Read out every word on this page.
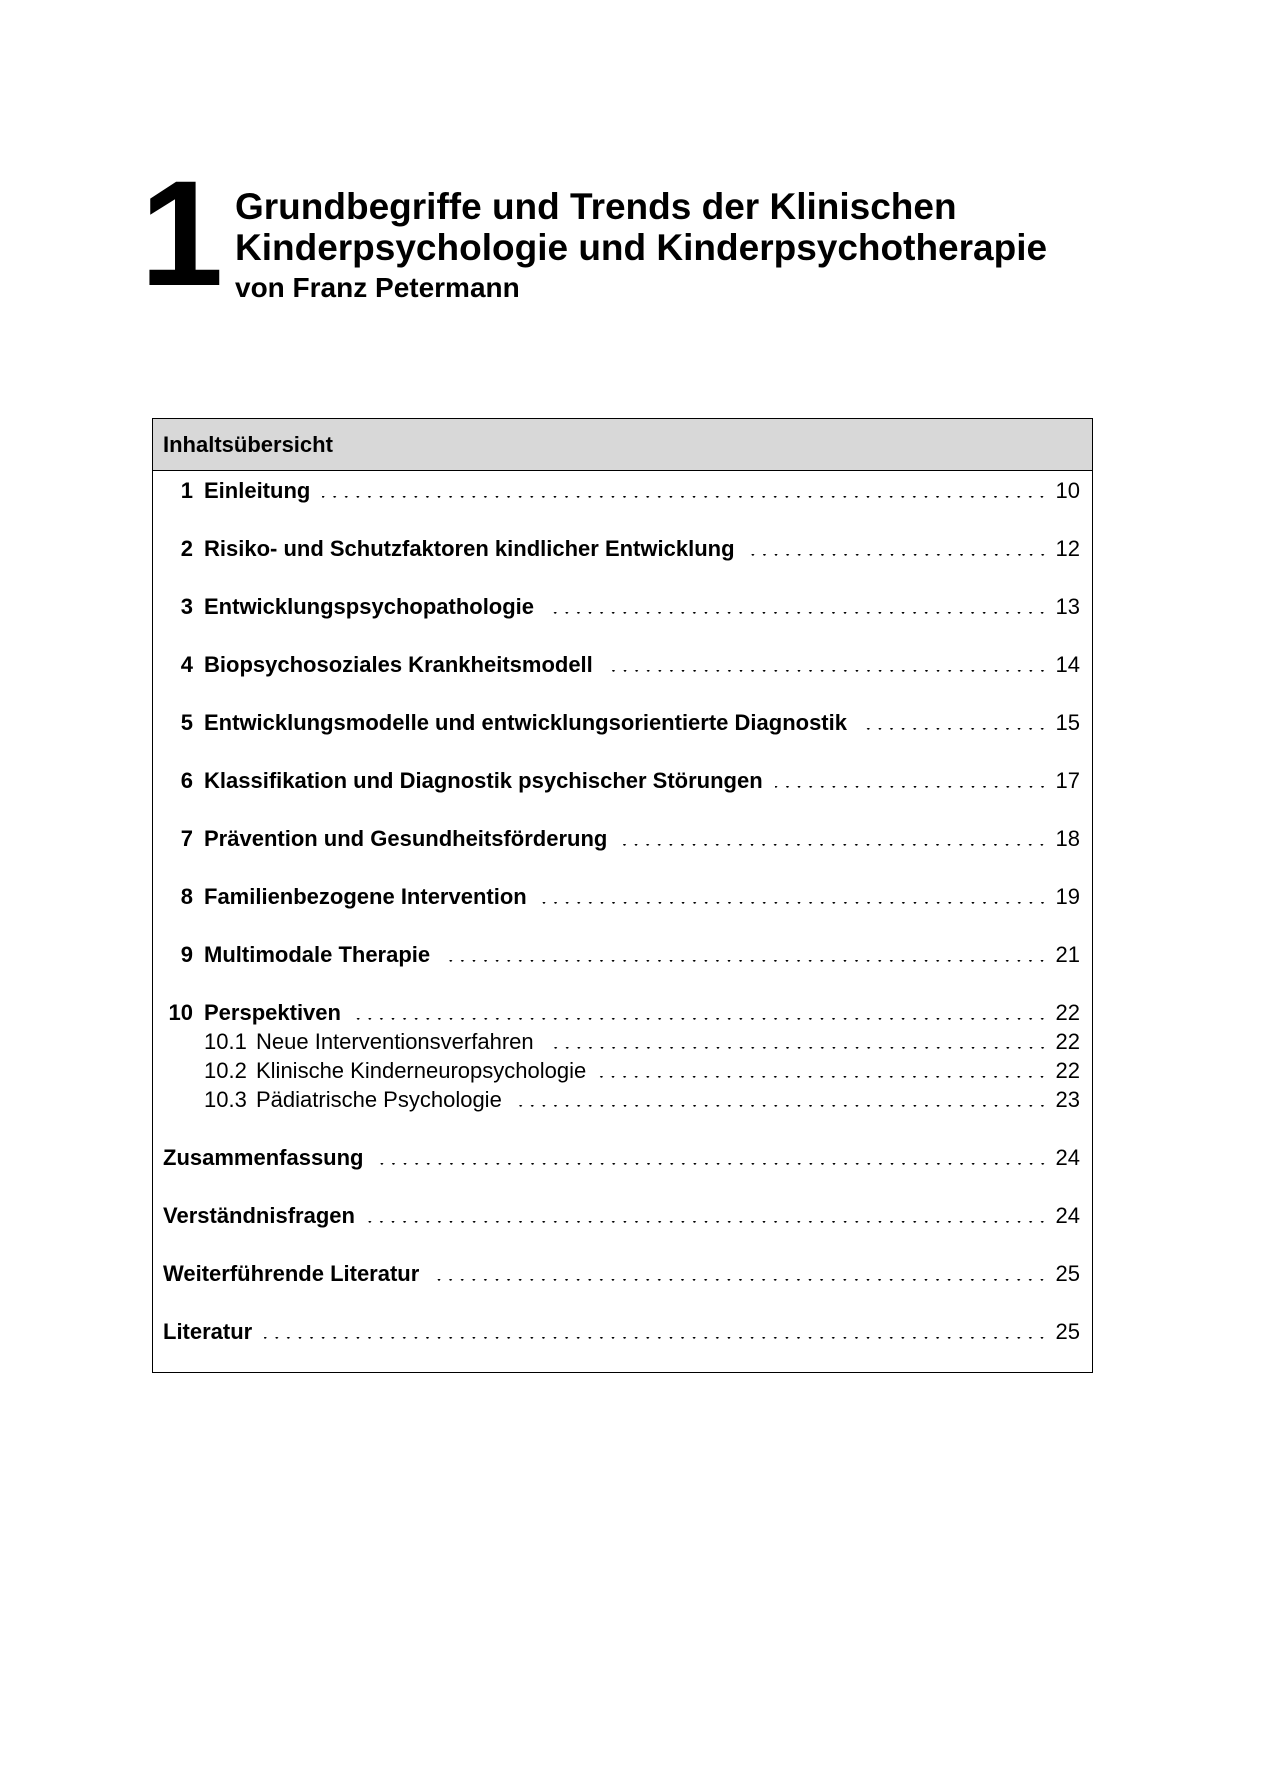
1 Grundbegriffe und Trends der Klinischen
Kinderpsychologie und Kinderpsychotherapie
von Franz Petermann
Inhaltsübersicht
1 Einleitung	10
2 Risiko- und Schutzfaktoren kindlicher Entwicklung	12
3 Entwicklungspsychopathologie	13
4 Biopsychosoziales Krankheitsmodell	14
5 Entwicklungsmodelle und entwicklungsorientierte Diagnostik	15
6 Klassifikation und Diagnostik psychischer Störungen	17
7 Prävention und Gesundheitsförderung	18
8 Familienbezogene Intervention	19
9 Multimodale Therapie	21
10 Perspektiven	22
10.1 Neue Interventionsverfahren	22
10.2 Klinische Kinderneuropsychologie	22
10.3 Pädiatrische Psychologie	23
Zusammenfassung	24
Verständnisfragen	24
Weiterführende Literatur	25
Literatur	25
